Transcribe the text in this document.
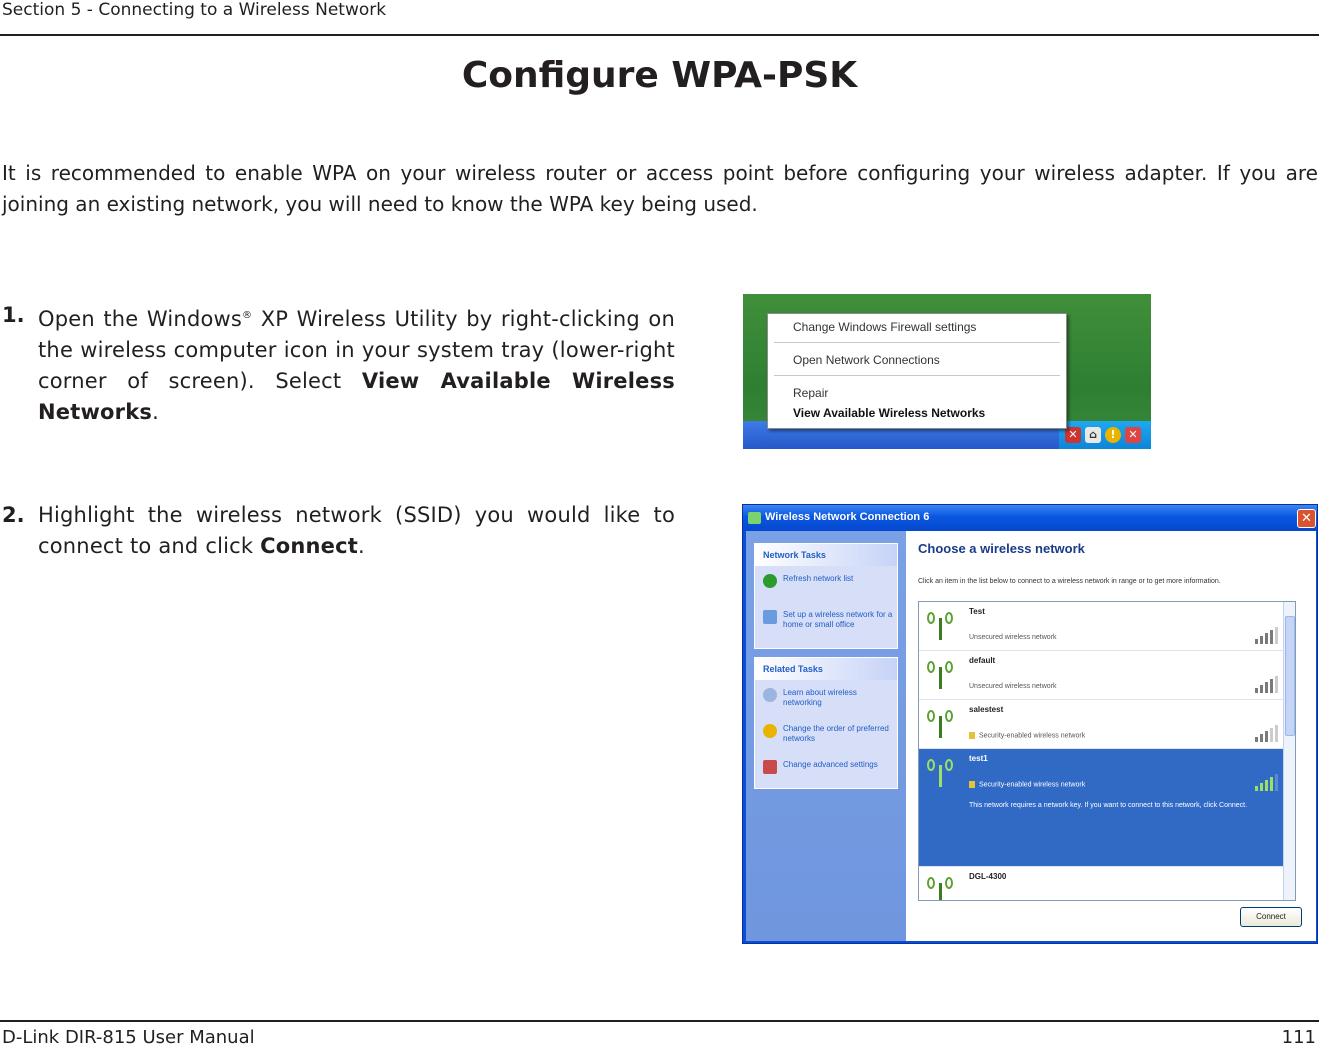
Section 5 - Connecting to a Wireless Network
Configure WPA-PSK
It is recommended to enable WPA on your wireless router or access point before configuring your wireless adapter. If you are joining an existing network, you will need to know the WPA key being used.
1. Open the Windows® XP Wireless Utility by right-clicking on the wireless computer icon in your system tray (lower-right corner of screen). Select View Available Wireless Networks.
2. Highlight the wireless network (SSID) you would like to connect to and click Connect.
✕	⌂	!	✕
Change Windows Firewall settings
Open Network Connections
Repair
View Available Wireless Networks
Wireless Network Connection 6	✕
Network Tasks
Refresh network list
Set up a wireless network for a home or small office
Related Tasks
Learn about wireless networking
Change the order of preferred networks
Change advanced settings
Choose a wireless network
Click an item in the list below to connect to a wireless network in range or to get more information.
Test
Unsecured wireless network
default
Unsecured wireless network
salestest
Security-enabled wireless network
test1
Security-enabled wireless network
This network requires a network key. If you want to connect to this network, click Connect.
DGL-4300
Connect
D-Link DIR-815 User Manual	111
